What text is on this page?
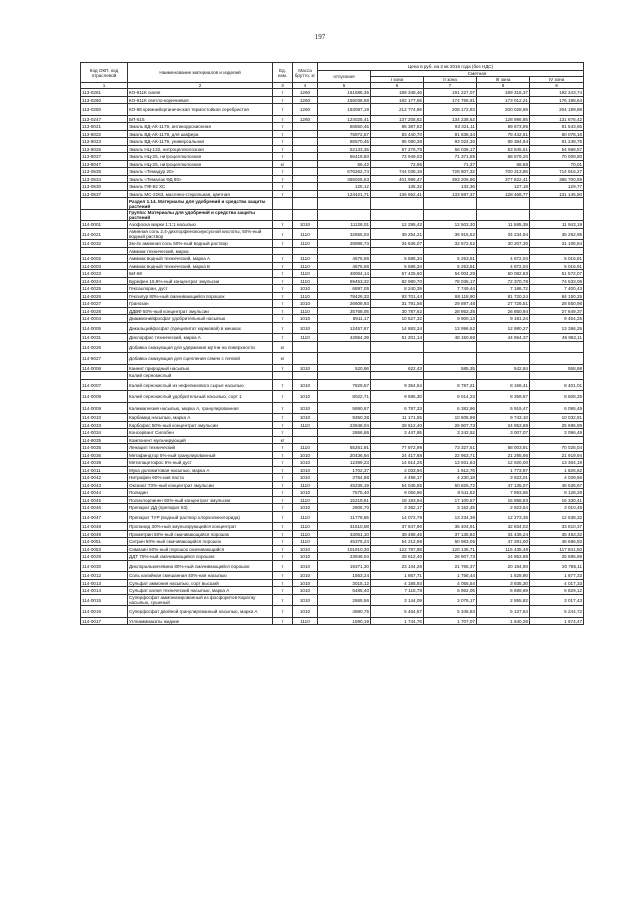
197
Код ОКП, код отраслевой	Наименование материалов и изделий	Ед. изм.	Масса брутто, кг	Цена в руб. на 2 кв 2016 года (без НДС)				
				отпускная	Сметная			
					I зона	II зона	III зона	IV зона
1	2	3	4	5	6	7	8	9
113-0261	КО-811К синяя	т	1260	161688,35	189 348,46	191 227,07	189 318,37	192 243,74
113-0260	КО-811К светло-коричневая	т	1260	156038,58	182 177,55	174 755,61	173 012,21	176 198,64
113-0250	КО-88 кремнийорганическая термостойкая серебристая	т	1260	193097,19	212 774,96	208 172,93	200 028,69	204 199,88
113-0247	БП-515	т	1260	124025,41	137 205,62	134 238,62	128 986,85	131 676,42
113-8021	Эмаль ВД-АК-1179, антикоррозионная	т		86850,45	95 387,82	93 321,11	89 673,95	91 543,65
113-8022	Эмаль ВД-АК-1179, для шифера	т		75972,57	83 440,70	81 636,34	78 442,51	80 078,16
113-8023	Эмаль ВД-АК-1179, универсальная	т		86570,45	95 080,36	93 024,30	89 384,94	91 248,75
113-8026	Эмаль НЦ-132, нитроцеллюлозная	т		52133,35	57 276,75	56 036,17	53 845,61	54 968,57
113-8027	Эмаль НЦ-25, нитроцеллюлозная	т		66419,83	72 949,03	71 371,55	68 579,20	70 009,80
113-8047	Эмаль НЦ-25, нитроцеллюлозная	кг		66,42	72,95	71,37	68,58	70,01
113-0535	Эмаль «Темадур 20»	т		676262,74	744 036,19	728 807,32	700 313,86	714 916,27
113-0534	Эмаль «Темалак ФД 80»	т		365025,63	401 996,47	393 205,66	377 822,41	385 700,59
113-0530	Эмаль ПФ-92 ХС	т		125,12	135,32	132,36	127,19	129,77
113-0537	Эмаль МС-2263, масляно-стирольная, цветная	т		124421,71	136 652,41	133 697,37	128 468,77	131 145,50
	Раздел 1.14. Материалы для удобрений и средства защиты растений							
	Группа: Материалы для удобрений и средства защиты растений							
114-0001	Азофоска марки 1:1:1 насыпью	т	1010	11128,01	12 295,42	12 503,30	11 585,39	11 943,19
114-0021	Аминная соль 2,4-дихлорфеноксиуксусной кислоты, 50%-ный водный раствор	т	1110	32855,03	39 254,21	36 915,52	34 234,94	35 252,95
114-0032	2м-4х аминная соль 50%-ный водный раствор	т	1110	28988,73	34 636,07	32 572,52	30 207,30	31 105,54
	Аммиак технический, марка							
114-0002	Аммиак водный технический, марка А	т	1110	4675,66	5 586,34	5 253,51	4 872,04	5 016,91
114-0003	Аммиак водный технический, марка Б	т	1110	4675,66	5 586,34	5 253,51	4 872,04	5 016,91
114-0023	БИ-58	т	1110	48064,14	57 425,60	54 004,29	50 082,83	51 572,07
114-0024	Бурефен 15,9%-ный концентрат эмульсии	т	1110	69453,32	82 980,70	78 036,17	72 370,78	74 533,09
114-0025	Гексахлоран, дуст	т	1010	6897,05	8 240,39	7 749,44	7 186,72	7 400,43
114-0026	Гексилур 80%-ный смачивающийся порошок	т	1110	78426,33	93 701,44	88 118,90	81 720,24	84 150,25
114-0027	Гранозан	т	1010	26608,93	31 791,56	29 897,48	27 726,51	28 550,98
114-0028	ДДВФ 50%-ный концентрат эмульсии	т	1110	25768,05	30 787,62	28 953,35	26 850,94	27 649,37
114-0004	Диаммонийфосфат удобрительный насыпью	т	1010	8911,17	10 527,32	9 900,13	9 181,24	9 454,25
114-0005	Дикальцийфосфат (преципитат кормовой) в мешках	т	1010	12457,67	14 883,34	13 996,62	12 980,27	13 366,25
114-0031	Дихлорфос технический, марка А	т	1110	42854,39	51 201,14	48 150,68	44 654,37	45 982,11
114-0026	Добавка смазующая для удержания мутни на поверхности	кг						
114-9027	Добавка смазующая для сцепления семян с почвой	кг						
114-0006	Каинит природный насыпью	т	1010	520,96	622,43	585,35	542,84	558,98
	Калий сернокислый							
114-0007	Калий сернокислый из нефелинового сырья насыпью	т	1010	7829,57	9 354,54	8 797,21	8 158,41	8 401,01
114-0008	Калий сернокислый удобрительный насыпью, сорт 1	т	1010	8022,71	9 585,30	9 014,23	8 359,67	8 608,25
114-0009	Калимагнезия насыпью, марка А, гранулированная	т	1010	5680,67	6 787,33	6 382,96	5 919,47	6 095,49
114-0010	Карбамид насыпью, марка А	т	1010	9350,38	11 171,55	10 505,98	9 743,10	10 032,81
114-0033	Карбофос 50%-ный концентрат эмульсии	т	1110	23948,04	28 612,40	26 907,73	24 953,88	25 695,89
114-0034	Консервант Силобен	т		2866,86	3 447,95	3 242,52	3 007,07	3 096,49
114-9035	Компонент мульчирующий	кг						
114-0035	Ленацил технический	т	1110	65261,91	77 972,99	73 327,51	68 003,91	70 025,04
114-0036	Метафиндтор 5%-ный гранулированный	т	1010	20436,94	24 417,68	22 963,71	21 295,95	21 919,94
114-0039	Метилацетофос 5%-ный дуст	т	1010	12399,23	14 814,25	13 931,63	12 920,00	13 304,19
114-0011	Мука доломитовая насыпью, марка А	т	1010	1702,37	2 033,94	1 912,76	1 773,87	1 826,62
114-0042	Нитрафен 60%-ная паста	т	1010	3764,88	4 498,17	4 230,18	3 923,01	4 039,66
114-0043	Оксанат 73%-ный концентрат эмульсии	т	1110	45235,19	54 045,85	50 825,72	47 135,07	48 536,67
114-0044	Полидин	т	1010	7575,40	9 050,86	8 511,62	7 893,56	8 128,28
114-0045	Полихлорпинен 50%-ный концентрат эмульсии	т	1110	15219,61	18 183,94	17 100,57	15 858,83	16 330,41
114-0046	Препарат ДД (препарат 63)	т	1010	2805,70	3 352,17	3 152,45	2 923,54	3 010,48
114-0047	Препарат ТУР (водный раствор хлорхолинхлорида)	т	1110	11778,65	14 072,78	13 234,36	12 273,36	12 638,32
114-0048	Пропанид 30%-ный эмульгирующийся концентрат	т	1110	31510,58	37 647,90	35 404,91	32 834,02	33 810,37
114-0049	Прометрин 50%-ный смачивающийся порошок	т	1110	33051,10	39 488,46	37 135,82	34 439,24	35 463,32
114-0051	Ситрин 50%-ный смачивающийся порошок	т	1110	45375,24	54 212,98	50 983,05	47 281,00	48 686,93
114-0053	Симазин 50%-ный порошок смачивающийся	т	1010	101910,30	122 787,88	120 135,71	115 435,48	117 841,50
114-0029	ДДТ 75%-ный смачивающийся порошок	т	1010	23948,04	28 612,40	26 907,73	24 953,88	25 695,89
114-0030	Дихлоральмочевина 80%-ный смачивающийся порошок	т	1010	19371,30	23 144,26	21 765,37	20 184,90	20 785,11
114-0012	Соль калийная смешанная 40%-ная насыпью	т	1010	1563,24	1 867,71	1 756,44	1 628,90	1 677,33
114-0013	Сульфат аммония насыпью, сорт высший	т	1010	3015,12	4 185,93	4 055,54	3 935,30	4 017,33
114-0014	Сульфат калия технический насыпью, марка А	т	1010	6485,40	7 115,78	6 962,05	6 689,69	6 829,12
114-0015	Суперфосфат аммонизированный из фосфоритов Каратау насыпью, сушеный	т	1010	2865,56	3 144,09	3 076,17	2 955,82	3 017,43
114-0016	Суперфосфат двойной гранулированный насыпью, марка А	т	1010	4980,75	5 464,87	5 346,83	5 137,64	5 244,72
114-0017	Углеаммиакаты жидкие	т	1110	1590,19	1 744,76	1 707,07	1 640,29	1 674,47
